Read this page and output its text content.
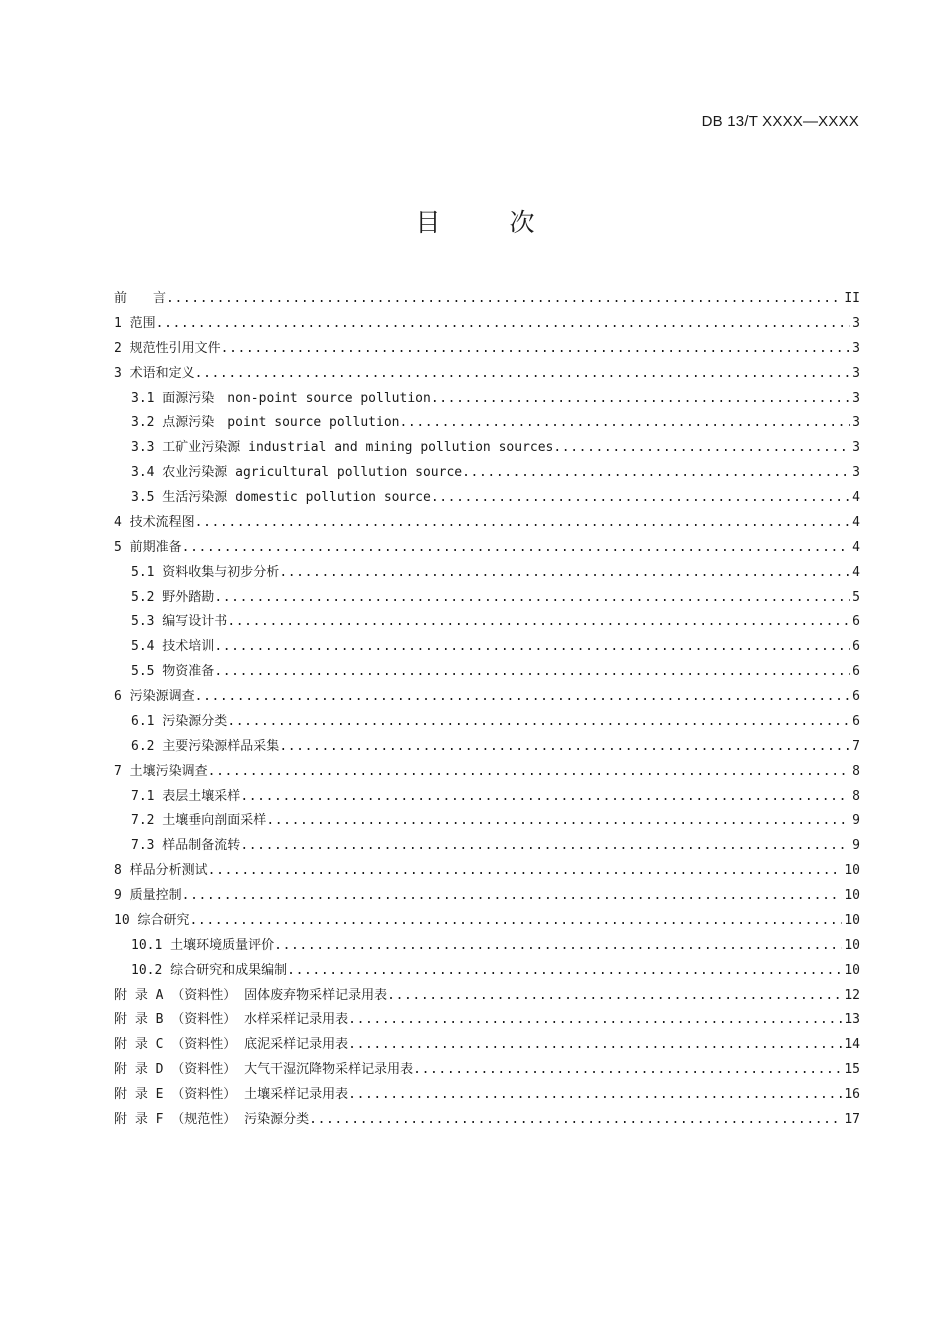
DB 13/T XXXX—XXXX

目　次
前　　言 .....	II
1 范围 .....	3
2 规范性引用文件 .....	3
3 术语和定义 .....	3
3.1 面源污染　non-point source pollution .....	3
3.2 点源污染　point source pollution .....	3
3.3 工矿业污染源 industrial and mining pollution sources .....	3
3.4 农业污染源 agricultural pollution source .....	3
3.5 生活污染源 domestic pollution source .....	4
4 技术流程图 .....	4
5 前期准备 .....	4
5.1 资料收集与初步分析 .....	4
5.2 野外踏勘 .....	5
5.3 编写设计书 .....	6
5.4 技术培训 .....	6
5.5 物资准备 .....	6
6 污染源调查 .....	6
6.1 污染源分类 .....	6
6.2 主要污染源样品采集 .....	7
7 土壤污染调查 .....	8
7.1 表层土壤采样 .....	8
7.2 土壤垂向剖面采样 .....	9
7.3 样品制备流转 .....	9
8 样品分析测试 .....	10
9 质量控制 .....	10
10 综合研究 .....	10
10.1 土壤环境质量评价 .....	10
10.2 综合研究和成果编制 .....	10
附 录 A （资料性） 固体废弃物采样记录用表 .....	12
附 录 B （资料性） 水样采样记录用表 .....	13
附 录 C （资料性） 底泥采样记录用表 .....	14
附 录 D （资料性） 大气干湿沉降物采样记录用表 .....	15
附 录 E （资料性） 土壤采样记录用表 .....	16
附 录 F （规范性） 污染源分类 .....	17
